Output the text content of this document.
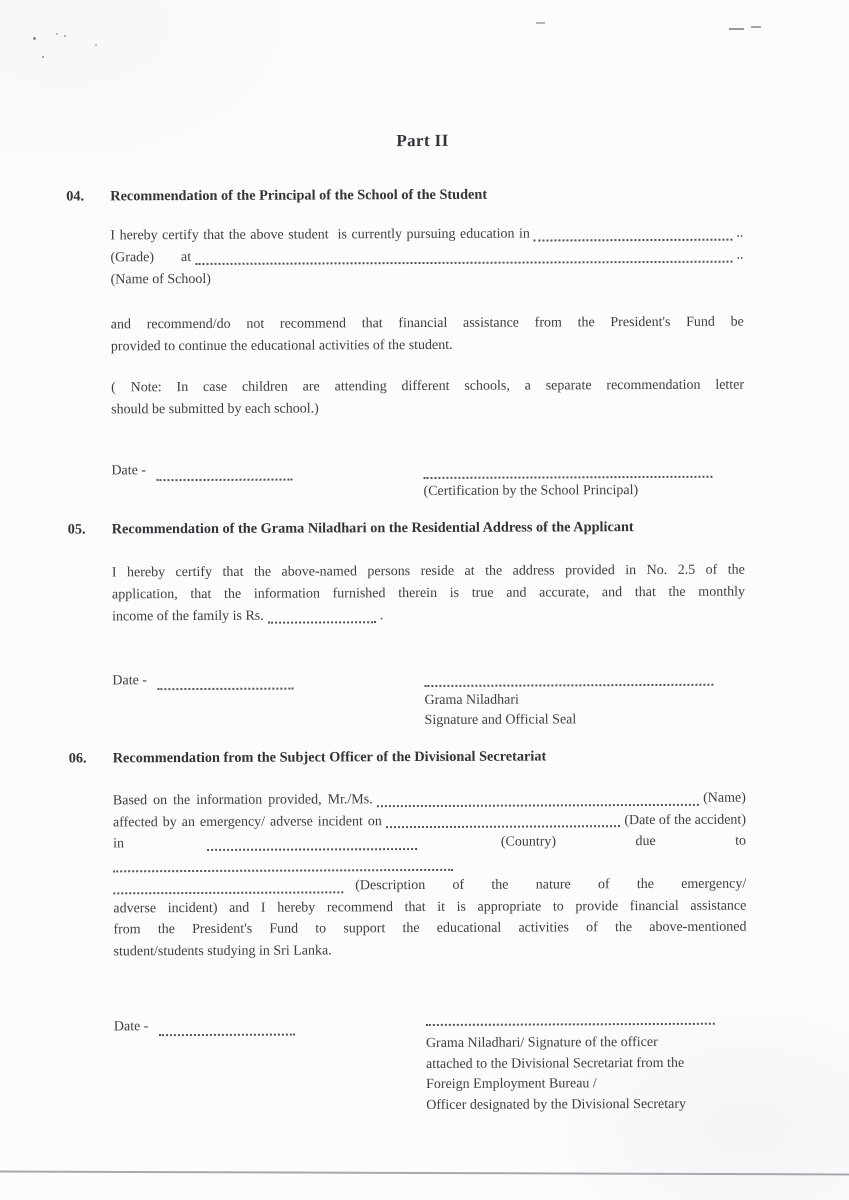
Part II
04. Recommendation of the Principal of the School of the Student
I hereby certify that the above student  is currently pursuing education in	..
(Grade) at	..
(Name of School)
and recommend/do not recommend that financial assistance from the President's Fund be
provided to continue the educational activities of the student.
( Note: In case children are attending different schools, a separate recommendation letter
should be submitted by each school.)
Date -
(Certification by the School Principal)
05. Recommendation of the Grama Niladhari on the Residential Address of the Applicant
I hereby certify that the above-named persons reside at the address provided in No. 2.5 of the
application, that the information furnished therein is true and accurate, and that the monthly
income of the family is Rs.	.
Date -
Grama Niladhari
Signature and Official Seal
06. Recommendation from the Subject Officer of the Divisional Secretariat
Based on the information provided, Mr./Ms.	(Name)
affected by an emergency/ adverse incident on	(Date of the accident)
in	(Country)	due	to
(Description of the nature of the emergency/
adverse incident) and I hereby recommend that it is appropriate to provide financial assistance
from the President's Fund to support the educational activities of the above-mentioned
student/students studying in Sri Lanka.
Date -
Grama Niladhari/ Signature of the officer
attached to the Divisional Secretariat from the
Foreign Employment Bureau /
Officer designated by the Divisional Secretary
